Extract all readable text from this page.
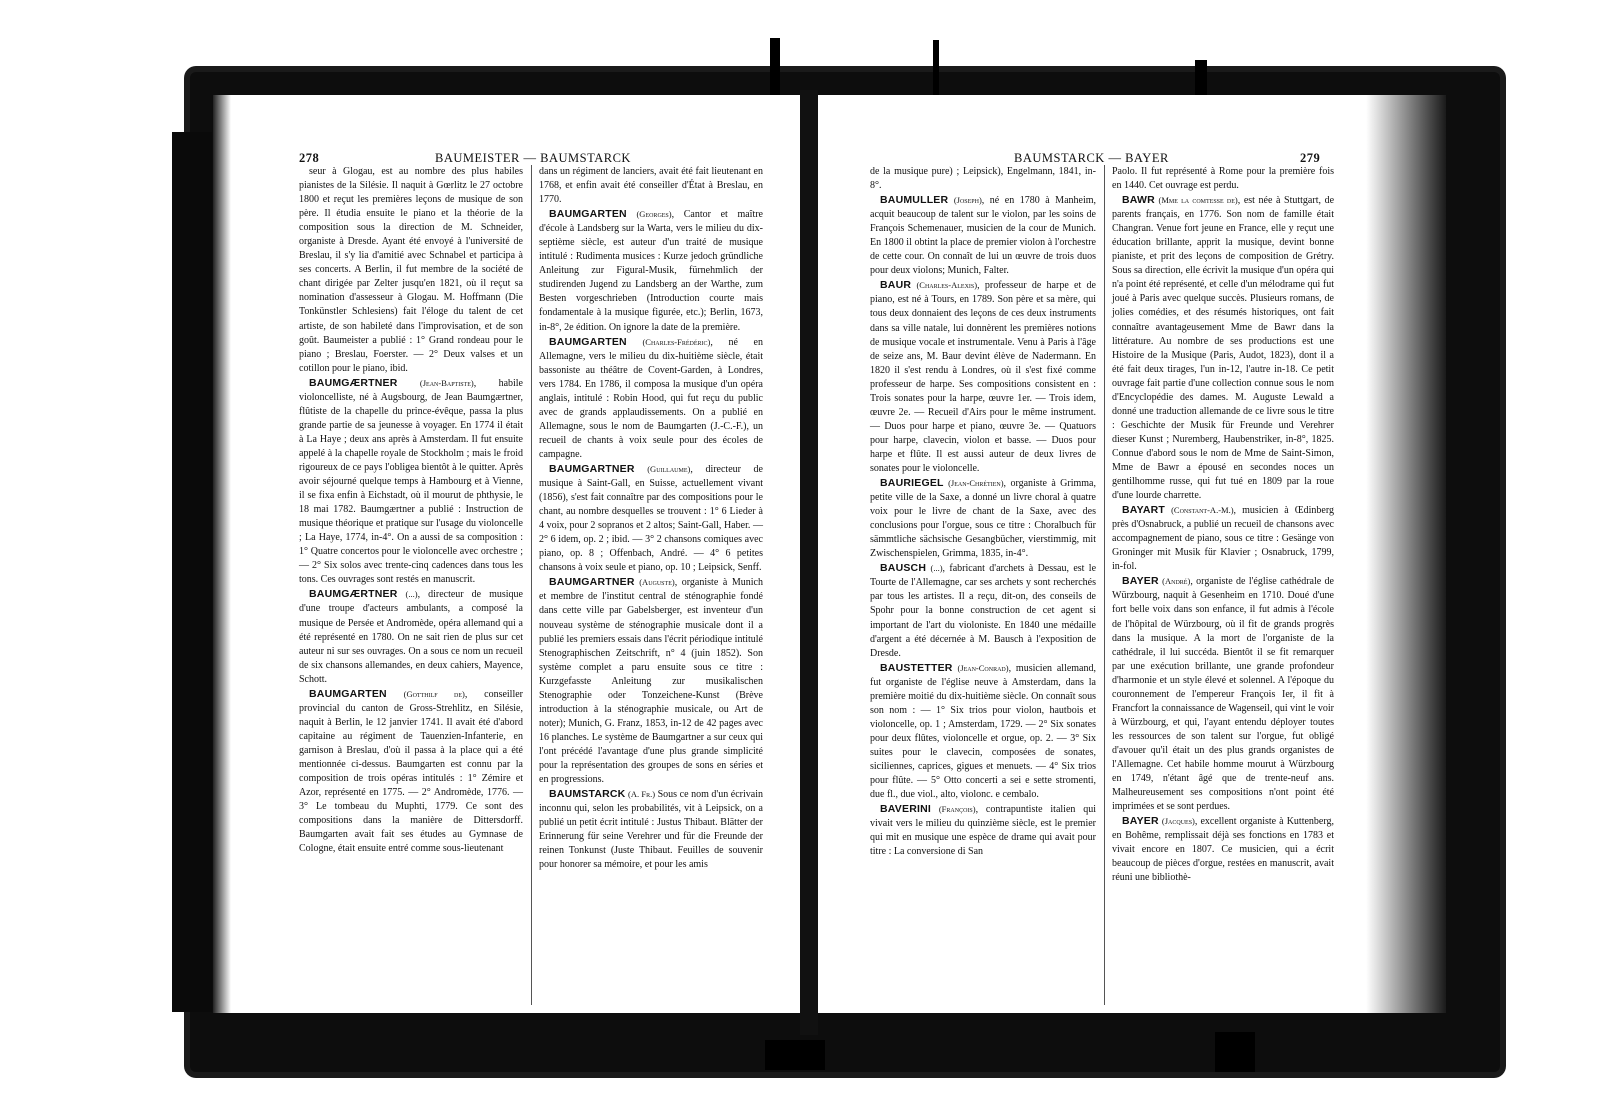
278	BAUMEISTER — BAUMSTARCK

seur à Glogau, est au nombre des plus habiles pianistes de la Silésie. Il naquit à Gœrlitz le 27 octobre 1800 et reçut les premières leçons de musique de son père. Il étudia ensuite le piano et la théorie de la composition sous la direction de M. Schneider, organiste à Dresde. Ayant été envoyé à l'université de Breslau, il s'y lia d'amitié avec Schnabel et participa à ses concerts. A Berlin, il fut membre de la société de chant dirigée par Zelter jusqu'en 1821, où il reçut sa nomination d'assesseur à Glogau. M. Hoffmann (Die Tonkünstler Schlesiens) fait l'éloge du talent de cet artiste, de son habileté dans l'improvisation, et de son goût. Baumeister a publié : 1° Grand rondeau pour le piano ; Breslau, Foerster. — 2° Deux valses et un cotillon pour le piano, ibid.

BAUMGÆRTNER	(Jean-Baptiste), habile violoncelliste, né à Augsbourg, de Jean Baumgærtner, flûtiste de la chapelle du prince-évêque, passa la plus grande partie de sa jeunesse à voyager. En 1774 il était à La Haye ; deux ans après à Amsterdam. Il fut ensuite appelé à la chapelle royale de Stockholm ; mais le froid rigoureux de ce pays l'obligea bientôt à le quitter. Après avoir séjourné quelque temps à Hambourg et à Vienne, il se fixa enfin à Eichstadt, où il mourut de phthysie, le 18 mai 1782. Baumgærtner a publié : Instruction de musique théorique et pratique sur l'usage du violoncelle ; La Haye, 1774, in-4°. On a aussi de sa composition : 1° Quatre concertos pour le violoncelle avec orchestre ; — 2° Six solos avec trente-cinq cadences dans tous les tons. Ces ouvrages sont restés en manuscrit.

BAUMGÆRTNER (...), directeur de musique d'une troupe d'acteurs ambulants, a composé la musique de Persée et Andromède, opéra allemand qui a été représenté en 1780. On ne sait rien de plus sur cet auteur ni sur ses ouvrages. On a sous ce nom un recueil de six chansons allemandes, en deux cahiers, Mayence, Schott.

BAUMGARTEN (Gotthilf de), conseiller provincial du canton de Gross-Strehlitz, en Silésie, naquit à Berlin, le 12 janvier 1741. Il avait été d'abord capitaine au régiment de Tauenzien-Infanterie, en garnison à Breslau, d'où il passa à la place qui a été mentionnée ci-dessus. Baumgarten est connu par la composition de trois opéras intitulés : 1° Zémire et Azor, représenté en 1775. — 2° Andromède, 1776. — 3° Le tombeau du Muphti, 1779. Ce sont des compositions dans la manière de Dittersdorff. Baumgarten avait fait ses études au Gymnase de Cologne, était ensuite entré comme sous-lieutenant

dans un régiment de lanciers, avait été fait lieutenant en 1768, et enfin avait été conseiller d'État à Breslau, en 1770.

BAUMGARTEN (Georges), Cantor et maître d'école à Landsberg sur la Warta, vers le milieu du dix-septième siècle, est auteur d'un traité de musique intitulé : Rudimenta musices : Kurze jedoch gründliche Anleitung zur Figural-Musik, fürnehmlich der studirenden Jugend zu Landsberg an der Warthe, zum Besten vorgeschrieben (Introduction courte mais fondamentale à la musique figurée, etc.); Berlin, 1673, in-8°, 2e édition. On ignore la date de la première.

BAUMGARTEN (Charles-Frédéric), né en Allemagne, vers le milieu du dix-huitième siècle, était bassoniste au théâtre de Covent-Garden, à Londres, vers 1784. En 1786, il composa la musique d'un opéra anglais, intitulé : Robin Hood, qui fut reçu du public avec de grands applaudissements. On a publié en Allemagne, sous le nom de Baumgarten (J.-C.-F.), un recueil de chants à voix seule pour des écoles de campagne.

BAUMGARTNER (Guillaume), directeur de musique à Saint-Gall, en Suisse, actuellement vivant (1856), s'est fait connaître par des compositions pour le chant, au nombre desquelles se trouvent : 1° 6 Lieder à 4 voix, pour 2 sopranos et 2 altos; Saint-Gall, Haber. — 2° 6 idem, op. 2 ; ibid. — 3° 2 chansons comiques avec piano, op. 8 ; Offenbach, André. — 4° 6 petites chansons à voix seule et piano, op. 10 ; Leipsick, Senff.

BAUMGARTNER (Auguste), organiste à Munich et membre de l'institut central de sténographie fondé dans cette ville par Gabelsberger, est inventeur d'un nouveau système de sténographie musicale dont il a publié les premiers essais dans l'écrit périodique intitulé Stenographischen Zeitschrift, n° 4 (juin 1852). Son système complet a paru ensuite sous ce titre : Kurzgefasste Anleitung zur musikalischen Stenographie oder Tonzeichene-Kunst (Brève introduction à la sténographie musicale, ou Art de noter); Munich, G. Franz, 1853, in-12 de 42 pages avec 16 planches. Le système de Baumgartner a sur ceux qui l'ont précédé l'avantage d'une plus grande simplicité pour la représentation des groupes de sons en séries et en progressions.

BAUMSTARCK (A. Fr.) Sous ce nom d'un écrivain inconnu qui, selon les probabilités, vit à Leipsick, on a publié un petit écrit intitulé : Justus Thibaut. Blätter der Erinnerung für seine Verehrer und für die Freunde der reinen Tonkunst (Juste Thibaut. Feuilles de souvenir pour honorer sa mémoire, et pour les amis

BAUMSTARCK — BAYER	279

de la musique pure) ; Leipsick), Engelmann, 1841, in-8°.

BAUMULLER (Joseph), né en 1780 à Manheim, acquit beaucoup de talent sur le violon, par les soins de François Schemenauer, musicien de la cour de Munich. En 1800 il obtint la place de premier violon à l'orchestre de cette cour. On connaît de lui un œuvre de trois duos pour deux violons; Munich, Falter.

BAUR (Charles-Alexis), professeur de harpe et de piano, est né à Tours, en 1789. Son père et sa mère, qui tous deux donnaient des leçons de ces deux instruments dans sa ville natale, lui donnèrent les premières notions de musique vocale et instrumentale. Venu à Paris à l'âge de seize ans, M. Baur devint élève de Nadermann. En 1820 il s'est rendu à Londres, où il s'est fixé comme professeur de harpe. Ses compositions consistent en : Trois sonates pour la harpe, œuvre 1er. — Trois idem, œuvre 2e. — Recueil d'Airs pour le même instrument. — Duos pour harpe et piano, œuvre 3e. — Quatuors pour harpe, clavecin, violon et basse. — Duos pour harpe et flûte. Il est aussi auteur de deux livres de sonates pour le violoncelle.

BAURIEGEL (Jean-Chrétien), organiste à Grimma, petite ville de la Saxe, a donné un livre choral à quatre voix pour le livre de chant de la Saxe, avec des conclusions pour l'orgue, sous ce titre : Choralbuch für sämmtliche sächsische Gesangbücher, vierstimmig, mit Zwischenspielen, Grimma, 1835, in-4°.

BAUSCH (...), fabricant d'archets à Dessau, est le Tourte de l'Allemagne, car ses archets y sont recherchés par tous les artistes. Il a reçu, dit-on, des conseils de Spohr pour la bonne construction de cet agent si important de l'art du violoniste. En 1840 une médaille d'argent a été décernée à M. Bausch à l'exposition de Dresde.

BAUSTETTER (Jean-Conrad), musicien allemand, fut organiste de l'église neuve à Amsterdam, dans la première moitié du dix-huitième siècle. On connaît sous son nom : — 1° Six trios pour violon, hautbois et violoncelle, op. 1 ; Amsterdam, 1729. — 2° Six sonates pour deux flûtes, violoncelle et orgue, op. 2. — 3° Six suites pour le clavecin, composées de sonates, siciliennes, caprices, gigues et menuets. — 4° Six trios pour flûte. — 5° Otto concerti a sei e sette stromenti, due fl., due viol., alto, violonc. e cembalo.

BAVERINI (François), contrapuntiste italien qui vivait vers le milieu du quinzième siècle, est le premier qui mit en musique une espèce de drame qui avait pour titre : La conversione di San

Paolo. Il fut représenté à Rome pour la première fois en 1440. Cet ouvrage est perdu.

BAWR (Mme la comtesse de), est née à Stuttgart, de parents français, en 1776. Son nom de famille était Changran. Venue fort jeune en France, elle y reçut une éducation brillante, apprit la musique, devint bonne pianiste, et prit des leçons de composition de Grétry. Sous sa direction, elle écrivit la musique d'un opéra qui n'a point été représenté, et celle d'un mélodrame qui fut joué à Paris avec quelque succès. Plusieurs romans, de jolies comédies, et des résumés historiques, ont fait connaître avantageusement Mme de Bawr dans la littérature. Au nombre de ses productions est une Histoire de la Musique (Paris, Audot, 1823), dont il a été fait deux tirages, l'un in-12, l'autre in-18. Ce petit ouvrage fait partie d'une collection connue sous le nom d'Encyclopédie des dames. M. Auguste Lewald a donné une traduction allemande de ce livre sous le titre : Geschichte der Musik für Freunde und Verehrer dieser Kunst ; Nuremberg, Haubenstriker, in-8°, 1825. Connue d'abord sous le nom de Mme de Saint-Simon, Mme de Bawr a épousé en secondes noces un gentilhomme russe, qui fut tué en 1809 par la roue d'une lourde charrette.

BAYART (Constant-A.-M.), musicien à Œdinberg près d'Osnabruck, a publié un recueil de chansons avec accompagnement de piano, sous ce titre : Gesänge von Groninger mit Musik für Klavier ; Osnabruck, 1799, in-fol.

BAYER (André), organiste de l'église cathédrale de Würzbourg, naquit à Gesenheim en 1710. Doué d'une fort belle voix dans son enfance, il fut admis à l'école de l'hôpital de Würzbourg, où il fit de grands progrès dans la musique. A la mort de l'organiste de la cathédrale, il lui succéda. Bientôt il se fit remarquer par une exécution brillante, une grande profondeur d'harmonie et un style élevé et solennel. A l'époque du couronnement de l'empereur François Ier, il fit à Francfort la connaissance de Wagenseil, qui vint le voir à Würzbourg, et qui, l'ayant entendu déployer toutes les ressources de son talent sur l'orgue, fut obligé d'avouer qu'il était un des plus grands organistes de l'Allemagne. Cet habile homme mourut à Würzbourg en 1749, n'étant âgé que de trente-neuf ans. Malheureusement ses compositions n'ont point été imprimées et se sont perdues.

BAYER (Jacques), excellent organiste à Kuttenberg, en Bohême, remplissait déjà ses fonctions en 1783 et vivait encore en 1807. Ce musicien, qui a écrit beaucoup de pièces d'orgue, restées en manuscrit, avait réuni une bibliothè-
